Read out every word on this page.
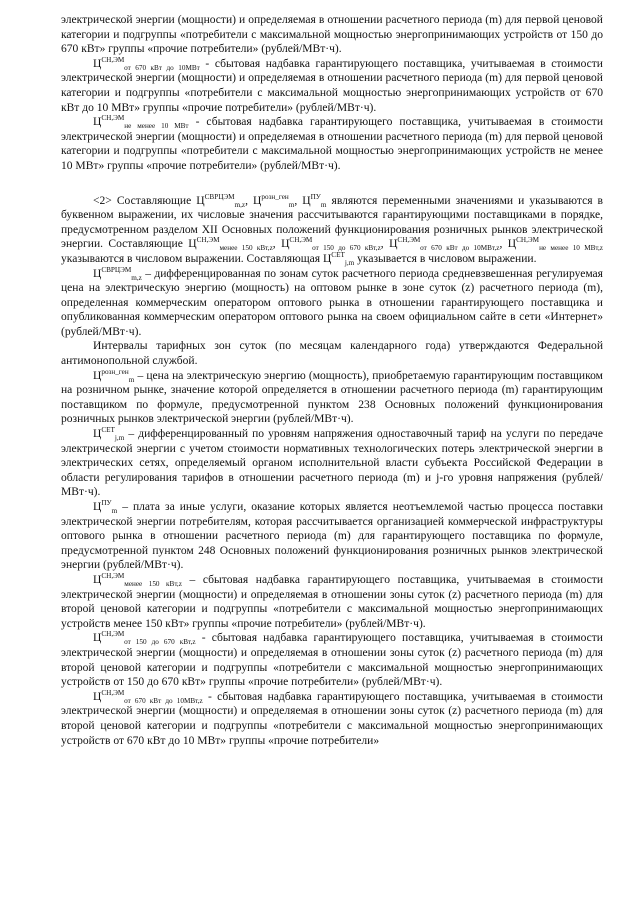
электрической энергии (мощности) и определяемая в отношении расчетного периода (m) для первой ценовой категории и подгруппы «потребители с максимальной мощностью энергопринимающих устройств от 150 до 670 кВт» группы «прочие потребители» (рублей/МВт·ч).

$Ц^{СН,ЭМ}_{от 670 кВт до 10МВт}$ - сбытовая надбавка гарантирующего поставщика, учитываемая в стоимости электрической энергии (мощности) и определяемая в отношении расчетного периода (m) для первой ценовой категории и подгруппы «потребители с максимальной мощностью энергопринимающих устройств от 670 кВт до 10 МВт» группы «прочие потребители» (рублей/МВт·ч).

$Ц^{СН,ЭМ}_{не менее 10 МВт}$ - сбытовая надбавка гарантирующего поставщика, учитываемая в стоимости электрической энергии (мощности) и определяемая в отношении расчетного периода (m) для первой ценовой категории и подгруппы «потребители с максимальной мощностью энергопринимающих устройств не менее 10 МВт» группы «прочие потребители» (рублей/МВт·ч).

<2> Составляющие $Ц^{СВРЦЭМ}_{m,z}$, $Ц^{розн\_ген}_m$, $Ц^{ПУ}_m$ являются переменными значениями и указываются в буквенном выражении, их числовые значения рассчитываются гарантирующими поставщиками в порядке, предусмотренном разделом XII Основных положений функционирования розничных рынков электрической энергии. Составляющие $Ц^{СН,ЭМ}_{менее 150 кВт,z}$, $Ц^{СН,ЭМ}_{от 150 до 670 кВт,z}$, $Ц^{СН,ЭМ}_{от 670 кВт до 10МВт,z}$, $Ц^{СН,ЭМ}_{не менее 10 МВт,z}$ указываются в числовом выражении. Составляющая $Ц^{СЕТ}_{j,m}$ указывается в числовом выражении.

$Ц^{СВРЦЭМ}_{m,z}$ – дифференцированная по зонам суток расчетного периода средневзвешенная регулируемая цена на электрическую энергию (мощность) на оптовом рынке в зоне суток (z) расчетного периода (m), определенная коммерческим оператором оптового рынка в отношении гарантирующего поставщика и опубликованная коммерческим оператором оптового рынка на своем официальном сайте в сети «Интернет» (рублей/МВт·ч).

Интервалы тарифных зон суток (по месяцам календарного года) утверждаются Федеральной антимонопольной службой.

$Ц^{розн\_ген}_m$ – цена на электрическую энергию (мощность), приобретаемую гарантирующим поставщиком на розничном рынке, значение которой определяется в отношении расчетного периода (m) гарантирующим поставщиком по формуле, предусмотренной пунктом 238 Основных положений функционирования розничных рынков электрической энергии (рублей/МВт·ч).

$Ц^{СЕТ}_{j,m}$ – дифференцированный по уровням напряжения одноставочный тариф на услуги по передаче электрической энергии с учетом стоимости нормативных технологических потерь электрической энергии в электрических сетях, определяемый органом исполнительной власти субъекта Российской Федерации в области регулирования тарифов в отношении расчетного периода (m) и j-го уровня напряжения (рублей/МВт·ч).

$Ц^{ПУ}_m$ – плата за иные услуги, оказание которых является неотъемлемой частью процесса поставки электрической энергии потребителям, которая рассчитывается организацией коммерческой инфраструктуры оптового рынка в отношении расчетного периода (m) для гарантирующего поставщика по формуле, предусмотренной пунктом 248 Основных положений функционирования розничных рынков электрической энергии (рублей/МВт·ч).

$Ц^{СН,ЭМ}_{менее 150 кВт,z}$ – сбытовая надбавка гарантирующего поставщика, учитываемая в стоимости электрической энергии (мощности) и определяемая в отношении зоны суток (z) расчетного периода (m) для второй ценовой категории и подгруппы «потребители с максимальной мощностью энергопринимающих устройств менее 150 кВт» группы «прочие потребители» (рублей/МВт·ч).

$Ц^{СН,ЭМ}_{от 150 до 670 кВт,z}$ - сбытовая надбавка гарантирующего поставщика, учитываемая в стоимости электрической энергии (мощности) и определяемая в отношении зоны суток (z) расчетного периода (m) для второй ценовой категории и подгруппы «потребители с максимальной мощностью энергопринимающих устройств от 150 до 670 кВт» группы «прочие потребители» (рублей/МВт·ч).

$Ц^{СН,ЭМ}_{от 670 кВт до 10МВт,z}$ - сбытовая надбавка гарантирующего поставщика, учитываемая в стоимости электрической энергии (мощности) и определяемая в отношении зоны суток (z) расчетного периода (m) для второй ценовой категории и подгруппы «потребители с максимальной мощностью энергопринимающих устройств от 670 кВт до 10 МВт» группы «прочие потребители»
